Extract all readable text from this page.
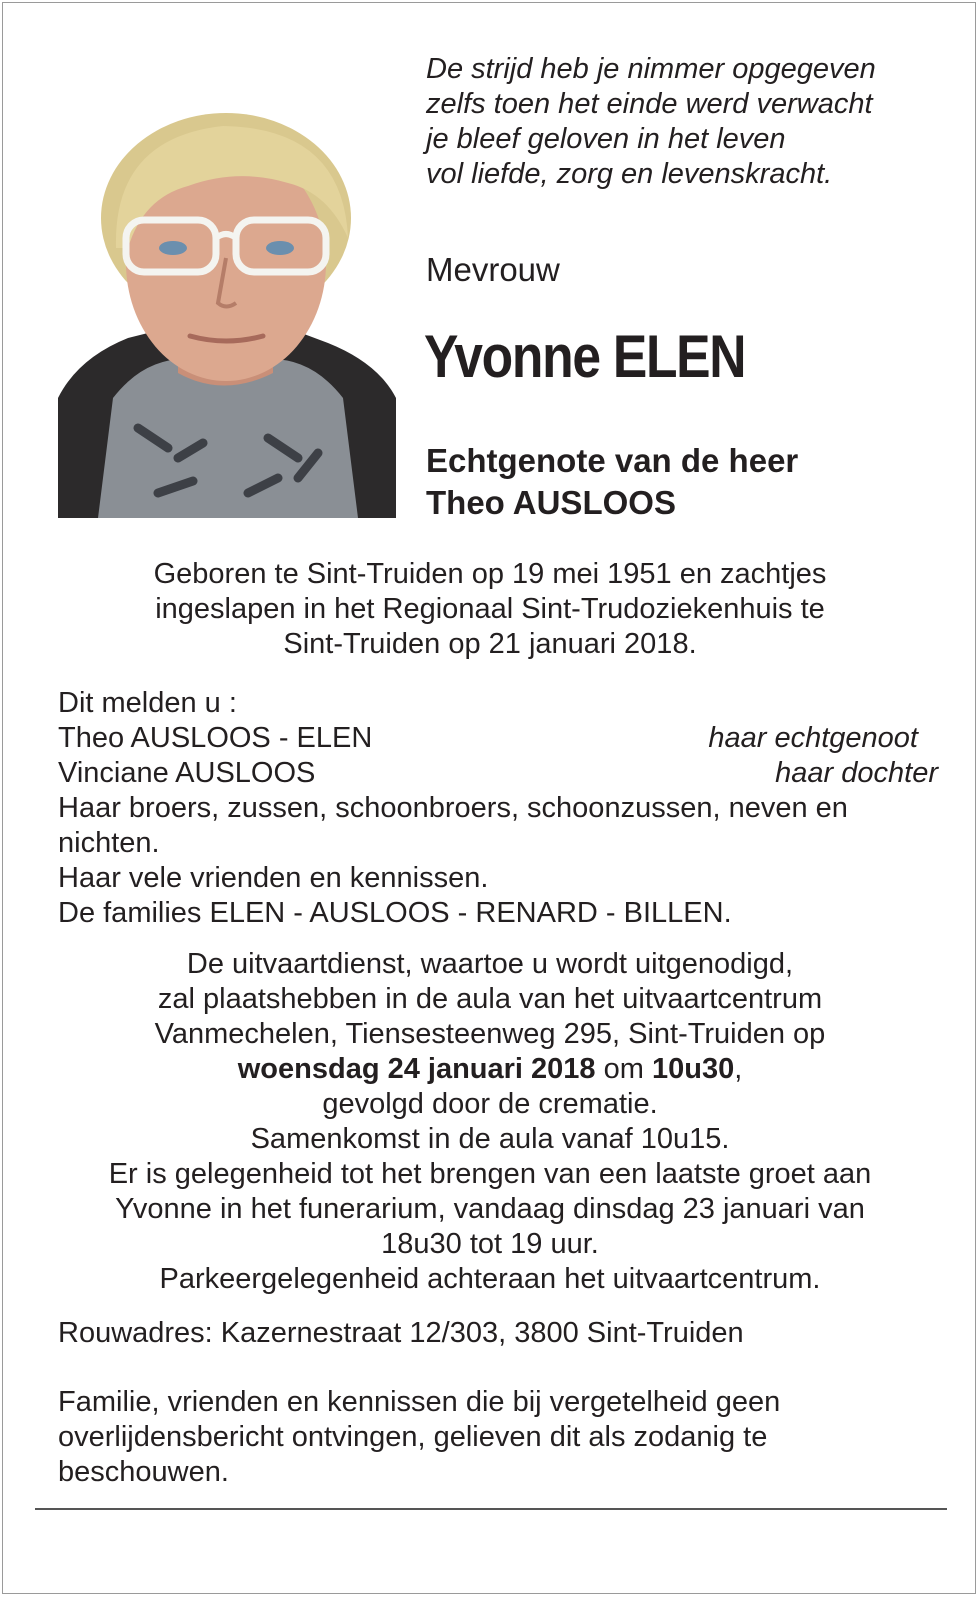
De strijd heb je nimmer opgegeven
zelfs toen het einde werd verwacht
je bleef geloven in het leven
vol liefde, zorg en levenskracht.
Mevrouw
Yvonne ELEN
Echtgenote van de heer
Theo AUSLOOS
Geboren te Sint-Truiden op 19 mei 1951 en zachtjes
ingeslapen in het Regionaal Sint-Trudoziekenhuis te
Sint-Truiden op 21 januari 2018.
Dit melden u :
Theo AUSLOOS - ELEN	haar echtgenoot
Vinciane AUSLOOS	haar dochter
Haar broers, zussen, schoonbroers, schoonzussen, neven en
nichten.
Haar vele vrienden en kennissen.
De families ELEN - AUSLOOS - RENARD - BILLEN.
De uitvaartdienst, waartoe u wordt uitgenodigd,
zal plaatshebben in de aula van het uitvaartcentrum
Vanmechelen, Tiensesteenweg 295, Sint-Truiden op
woensdag 24 januari 2018 om 10u30,
gevolgd door de crematie.
Samenkomst in de aula vanaf 10u15.
Er is gelegenheid tot het brengen van een laatste groet aan
Yvonne in het funerarium, vandaag dinsdag 23 januari van
18u30 tot 19 uur.
Parkeergelegenheid achteraan het uitvaartcentrum.
Rouwadres: Kazernestraat 12/303, 3800 Sint-Truiden
Familie, vrienden en kennissen die bij vergetelheid geen
overlijdensbericht ontvingen, gelieven dit als zodanig te
beschouwen.
